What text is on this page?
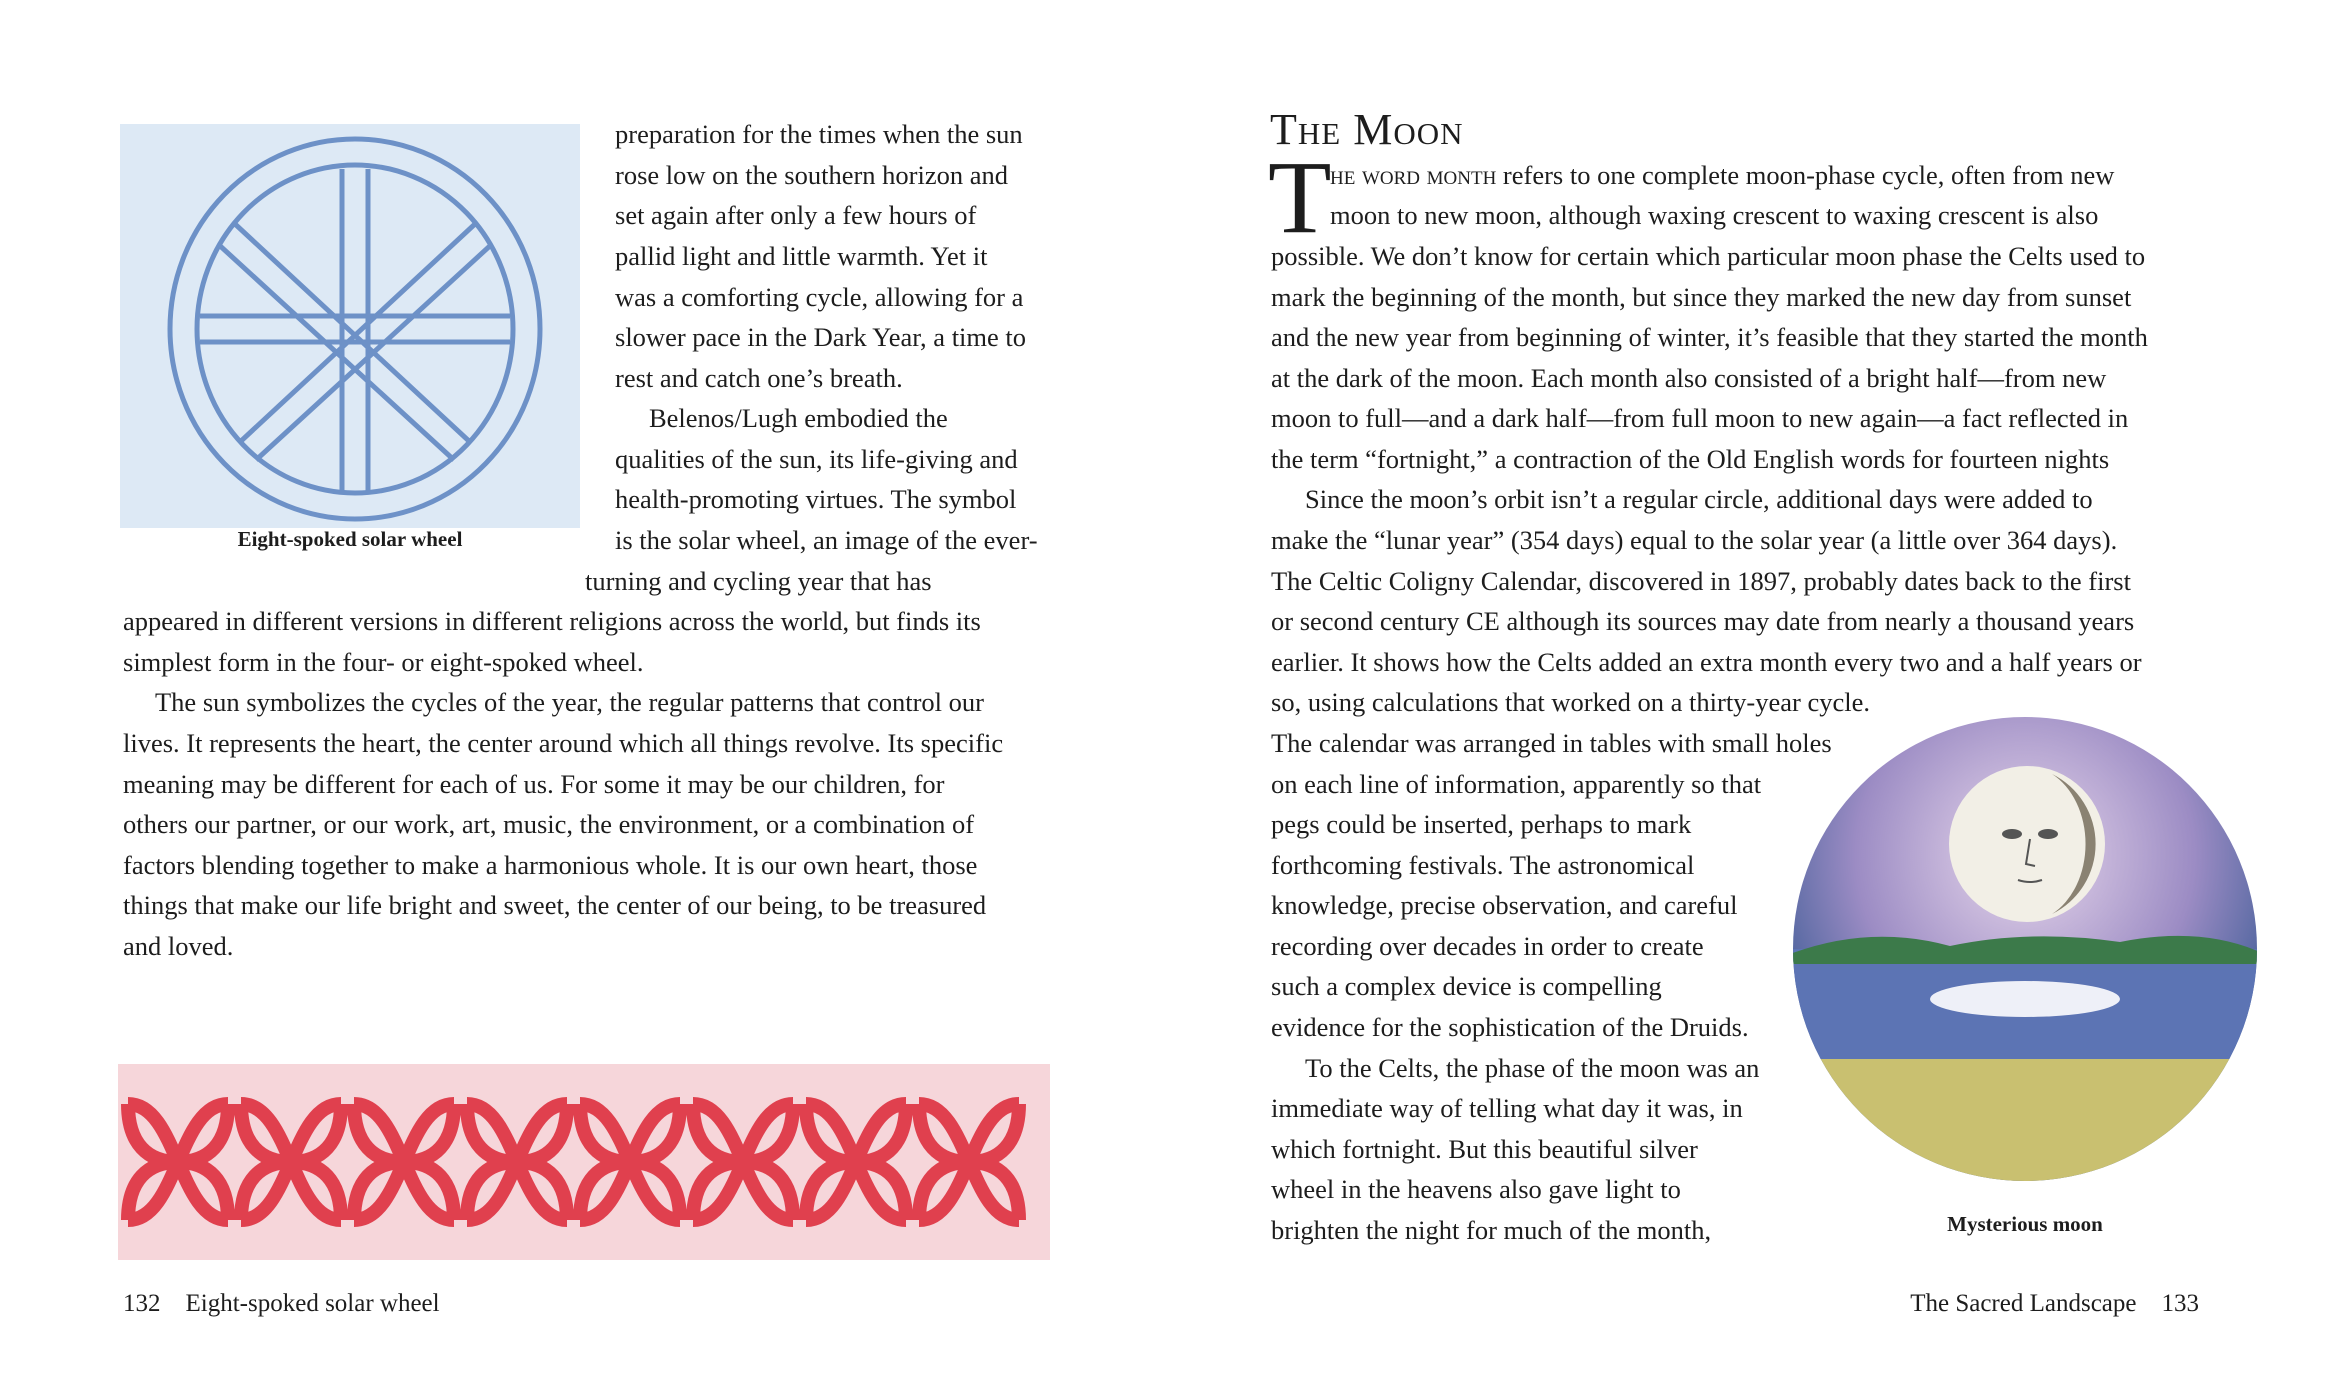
Eight-spoked solar wheel
The Moon
T
Mysterious moon
132 Eight-spoked solar wheel	The Sacred Landscape 133
preparation for the times when the sun
rose low on the southern horizon and
set again after only a few hours of
pallid light and little warmth. Yet it
was a comforting cycle, allowing for a
slower pace in the Dark Year, a time to
rest and catch one’s breath.
Belenos/Lugh embodied the
qualities of the sun, its life-giving and
health-promoting virtues. The symbol
is the solar wheel, an image of the ever-
turning and cycling year that has
appeared in different versions in different religions across the world, but finds its
simplest form in the four- or eight-spoked wheel.
The sun symbolizes the cycles of the year, the regular patterns that control our
lives. It represents the heart, the center around which all things revolve. Its specific
meaning may be different for each of us. For some it may be our children, for
others our partner, or our work, art, music, the environment, or a combination of
factors blending together to make a harmonious whole. It is our own heart, those
things that make our life bright and sweet, the center of our being, to be treasured
and loved.
he word month refers to one complete moon-phase cycle, often from new
moon to new moon, although waxing crescent to waxing crescent is also
possible. We don’t know for certain which particular moon phase the Celts used to
mark the beginning of the month, but since they marked the new day from sunset
and the new year from beginning of winter, it’s feasible that they started the month
at the dark of the moon. Each month also consisted of a bright half—from new
moon to full—and a dark half—from full moon to new again—a fact reflected in
the term “fortnight,” a contraction of the Old English words for fourteen nights
Since the moon’s orbit isn’t a regular circle, additional days were added to
make the “lunar year” (354 days) equal to the solar year (a little over 364 days).
The Celtic Coligny Calendar, discovered in 1897, probably dates back to the first
or second century CE although its sources may date from nearly a thousand years
earlier. It shows how the Celts added an extra month every two and a half years or
so, using calculations that worked on a thirty-year cycle.
The calendar was arranged in tables with small holes
on each line of information, apparently so that
pegs could be inserted, perhaps to mark
forthcoming festivals. The astronomical
knowledge, precise observation, and careful
recording over decades in order to create
such a complex device is compelling
evidence for the sophistication of the Druids.
To the Celts, the phase of the moon was an
immediate way of telling what day it was, in
which fortnight. But this beautiful silver
wheel in the heavens also gave light to
brighten the night for much of the month,
